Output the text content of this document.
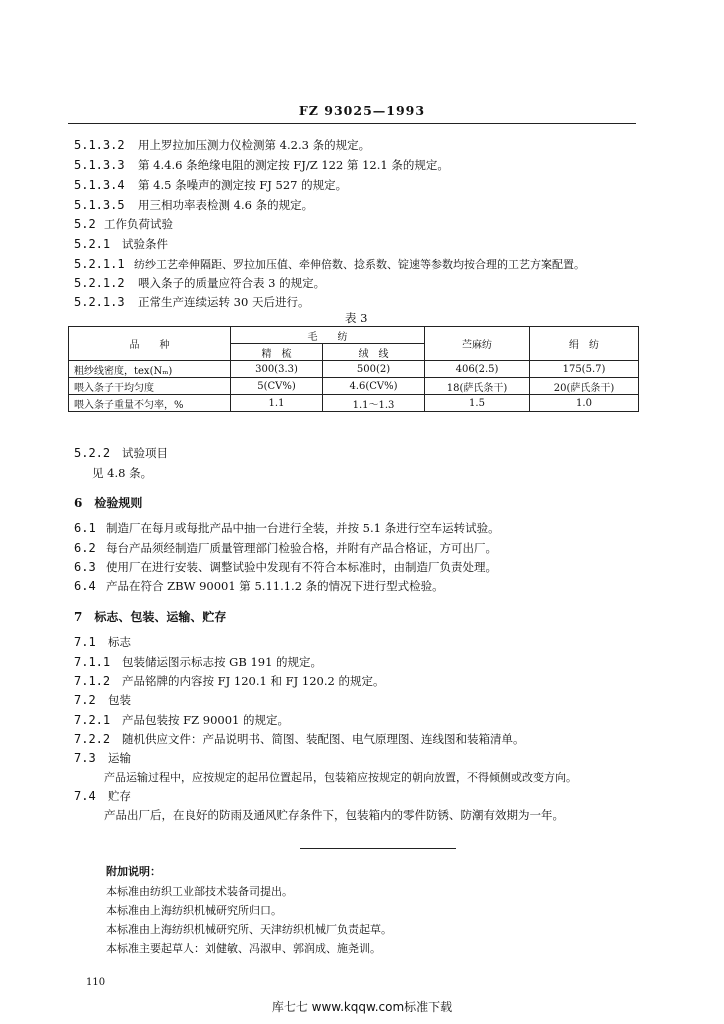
FZ 93025—1993
5.1.3.2 用上罗拉加压测力仪检测第 4.2.3 条的规定。
5.1.3.3 第 4.4.6 条绝缘电阻的测定按 FJ/Z 122 第 12.1 条的规定。
5.1.3.4 第 4.5 条噪声的测定按 FJ 527 的规定。
5.1.3.5 用三相功率表检测 4.6 条的规定。
5.2 工作负荷试验
5.2.1 试验条件
5.2.1.1 纺纱工艺牵伸隔距、罗拉加压值、牵伸倍数、捻系数、锭速等参数均按合理的工艺方案配置。
5.2.1.2 喂入条子的质量应符合表 3 的规定。
5.2.1.3 正常生产连续运转 30 天后进行。
表 3
品　　种	毛　　纺		苎麻纺	绢　纺
	精　梳	绒　线		
粗纱线密度，tex(Nₘ)	300(3.3)	500(2)	406(2.5)	175(5.7)
喂入条子干均匀度	5(CV%)	4.6(CV%)	18(萨氏条干)	20(萨氏条干)
喂入条子重量不匀率，%	1.1	1.1～1.3	1.5	1.0
5.2.2 试验项目
见 4.8 条。
6　检验规则
6.1 制造厂在每月或每批产品中抽一台进行全装，并按 5.1 条进行空车运转试验。
6.2 每台产品须经制造厂质量管理部门检验合格，并附有产品合格证，方可出厂。
6.3 使用厂在进行安装、调整试验中发现有不符合本标准时，由制造厂负责处理。
6.4 产品在符合 ZBW 90001 第 5.11.1.2 条的情况下进行型式检验。
7　标志、包装、运输、贮存
7.1 标志
7.1.1 包装储运图示标志按 GB 191 的规定。
7.1.2 产品铭牌的内容按 FJ 120.1 和 FJ 120.2 的规定。
7.2 包装
7.2.1 产品包装按 FZ 90001 的规定。
7.2.2 随机供应文件：产品说明书、简图、装配图、电气原理图、连线图和装箱清单。
7.3 运输
产品运输过程中，应按规定的起吊位置起吊，包装箱应按规定的朝向放置，不得倾侧或改变方向。
7.4 贮存
产品出厂后，在良好的防雨及通风贮存条件下，包装箱内的零件防锈、防潮有效期为一年。
附加说明：
本标准由纺织工业部技术装备司提出。
本标准由上海纺织机械研究所归口。
本标准由上海纺织机械研究所、天津纺织机械厂负责起草。
本标准主要起草人：刘健敏、冯淑申、郭润成、施尧训。
110
库七七 www.kqqw.com标准下载
